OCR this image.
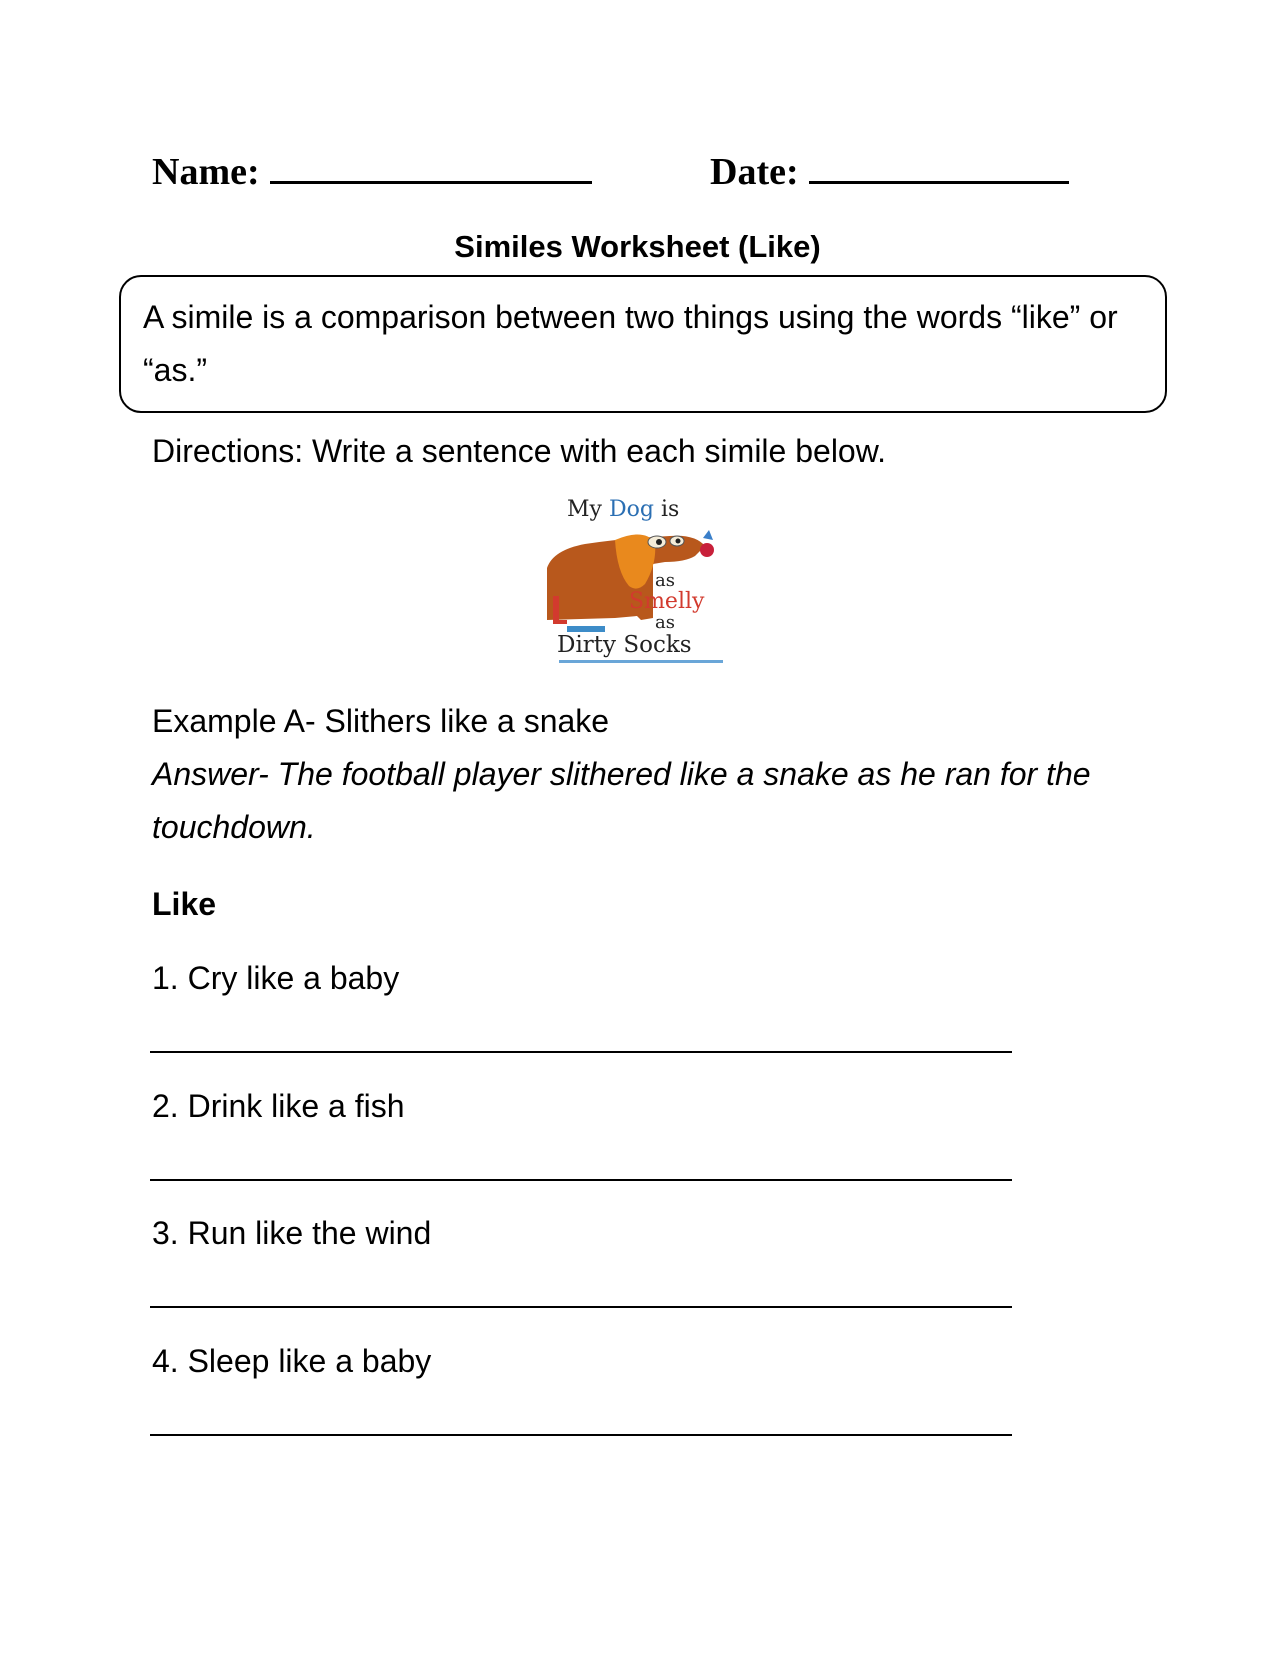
Name:	Date:
Similes Worksheet (Like)
A simile is a comparison between two things using the words “like” or “as.”
Directions: Write a sentence with each simile below.
My Dog is
as
Smelly
as
Dirty Socks
Example A- Slithers like a snake
Answer- The football player slithered like a snake as he ran for the touchdown.
Like
1. Cry like a baby
2. Drink like a fish
3. Run like the wind
4. Sleep like a baby
